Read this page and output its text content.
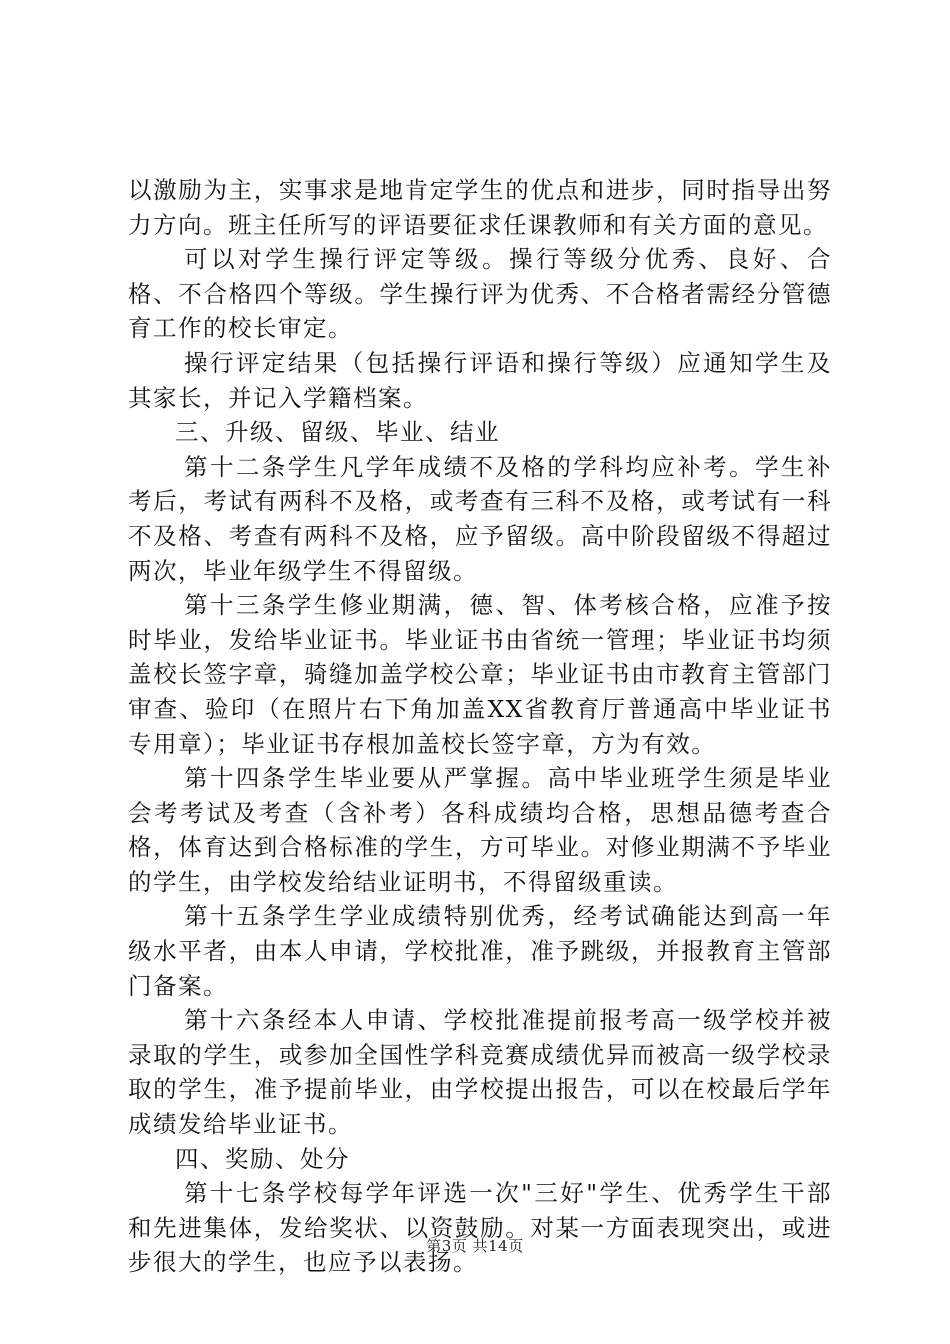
以激励为主，实事求是地肯定学生的优点和进步，同时指导出努力方向。班主任所写的评语要征求任课教师和有关方面的意见。

可以对学生操行评定等级。操行等级分优秀、良好、合格、不合格四个等级。学生操行评为优秀、不合格者需经分管德育工作的校长审定。

操行评定结果（包括操行评语和操行等级）应通知学生及其家长，并记入学籍档案。

三、升级、留级、毕业、结业

第十二条学生凡学年成绩不及格的学科均应补考。学生补考后，考试有两科不及格，或考查有三科不及格，或考试有一科不及格、考查有两科不及格，应予留级。高中阶段留级不得超过两次，毕业年级学生不得留级。

第十三条学生修业期满，德、智、体考核合格，应准予按时毕业，发给毕业证书。毕业证书由省统一管理；毕业证书均须盖校长签字章，骑缝加盖学校公章；毕业证书由市教育主管部门审查、验印（在照片右下角加盖XX省教育厅普通高中毕业证书专用章）；毕业证书存根加盖校长签字章，方为有效。

第十四条学生毕业要从严掌握。高中毕业班学生须是毕业会考考试及考查（含补考）各科成绩均合格，思想品德考查合格，体育达到合格标准的学生，方可毕业。对修业期满不予毕业的学生，由学校发给结业证明书，不得留级重读。

第十五条学生学业成绩特别优秀，经考试确能达到高一年级水平者，由本人申请，学校批准，准予跳级，并报教育主管部门备案。

第十六条经本人申请、学校批准提前报考高一级学校并被录取的学生，或参加全国性学科竞赛成绩优异而被高一级学校录取的学生，准予提前毕业，由学校提出报告，可以在校最后学年成绩发给毕业证书。

四、奖励、处分

第十七条学校每学年评选一次"三好"学生、优秀学生干部和先进集体，发给奖状、以资鼓励。对某一方面表现突出，或进步很大的学生，也应予以表扬。

第3页 共14页
